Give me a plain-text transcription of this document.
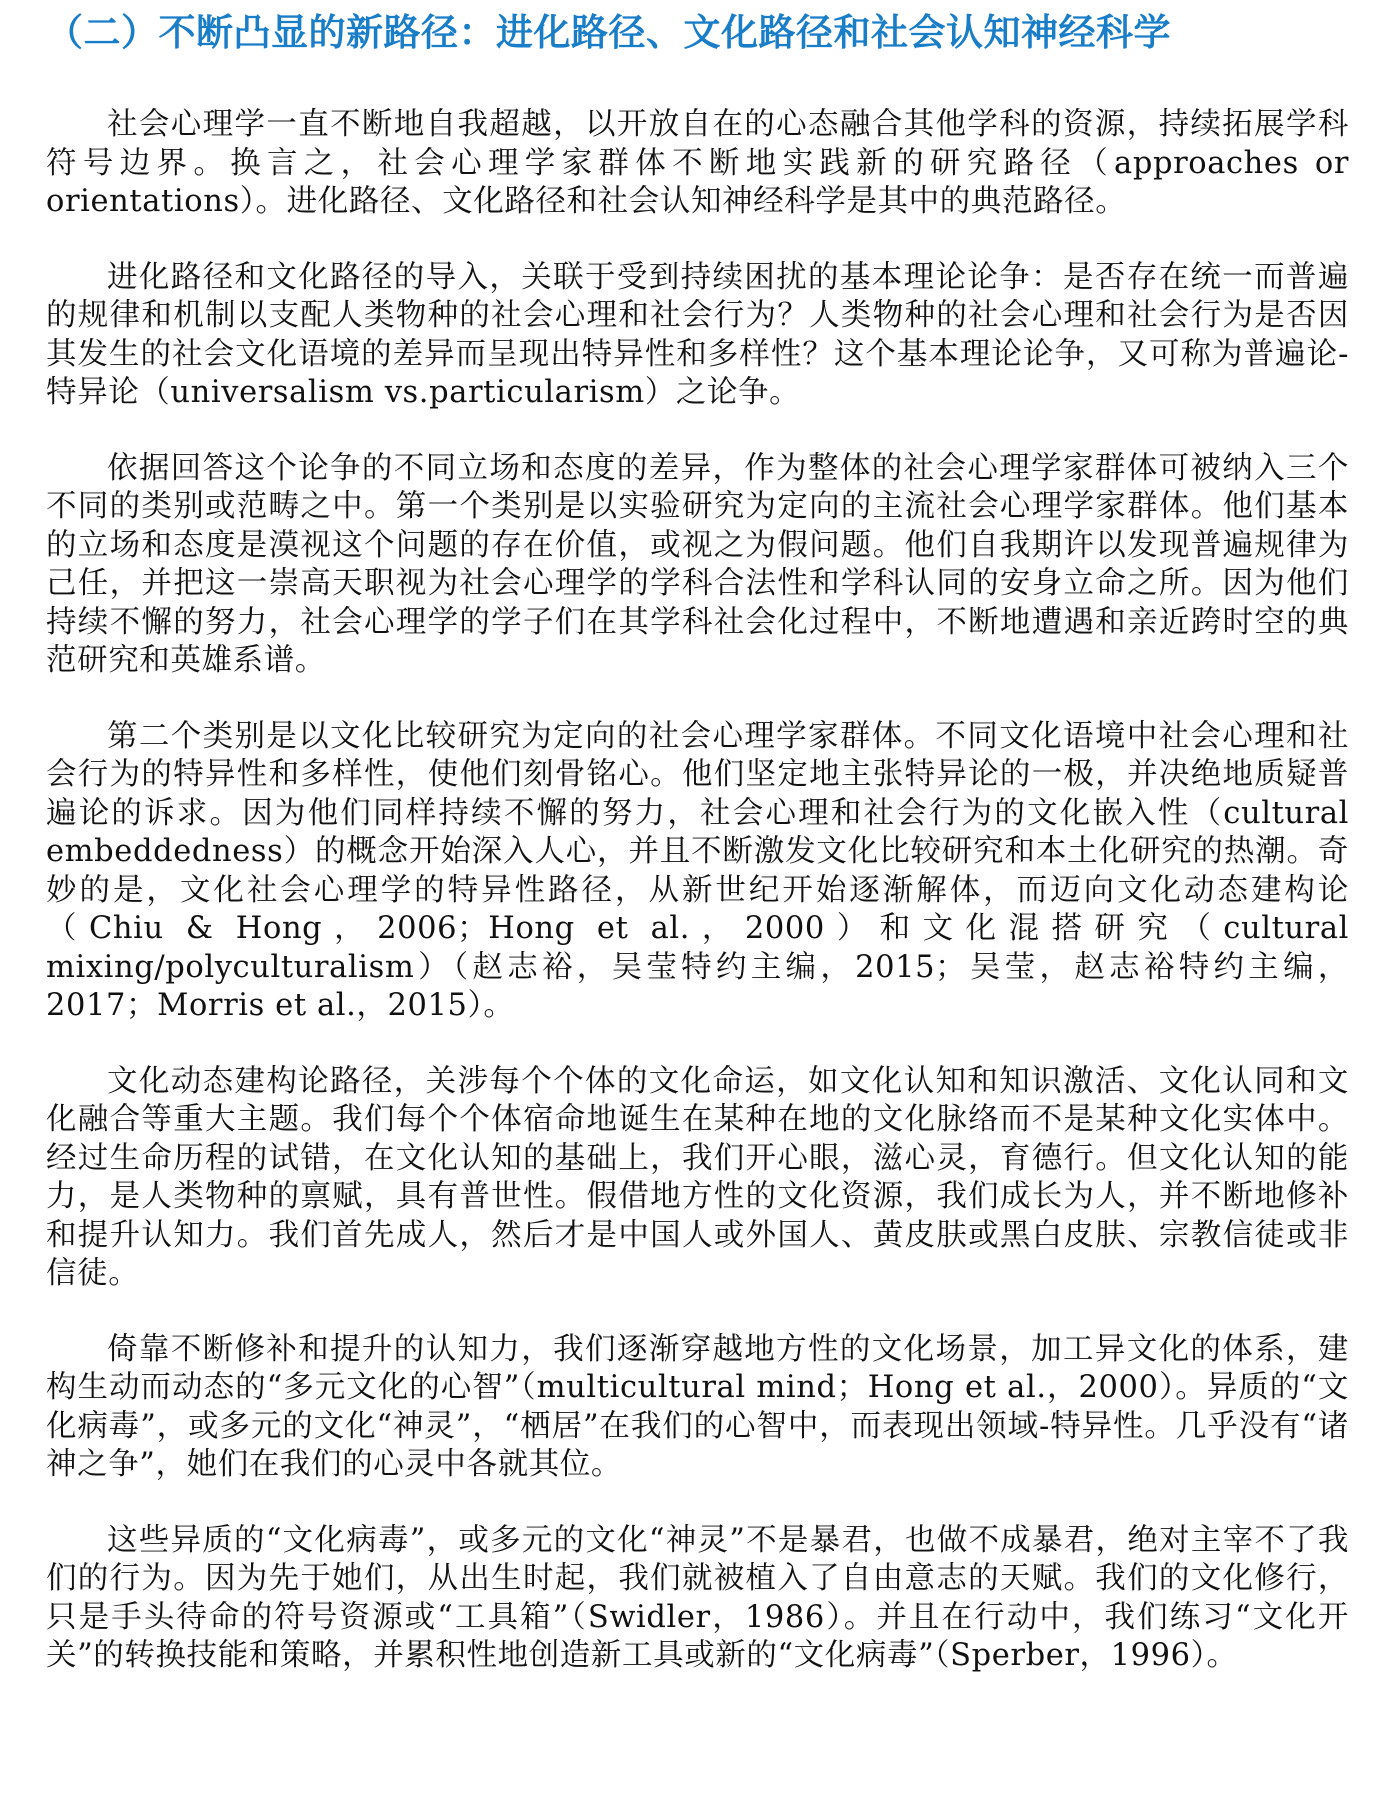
（二）不断凸显的新路径：进化路径、文化路径和社会认知神经科学

社会心理学一直不断地自我超越，以开放自在的心态融合其他学科的资源，持续拓展学科符号边界。换言之，社会心理学家群体不断地实践新的研究路径（approaches or orientations）。进化路径、文化路径和社会认知神经科学是其中的典范路径。

进化路径和文化路径的导入，关联于受到持续困扰的基本理论论争：是否存在统一而普遍的规律和机制以支配人类物种的社会心理和社会行为？人类物种的社会心理和社会行为是否因其发生的社会文化语境的差异而呈现出特异性和多样性？这个基本理论论争，又可称为普遍论-特异论（universalism vs.particularism）之论争。

依据回答这个论争的不同立场和态度的差异，作为整体的社会心理学家群体可被纳入三个不同的类别或范畴之中。第一个类别是以实验研究为定向的主流社会心理学家群体。他们基本的立场和态度是漠视这个问题的存在价值，或视之为假问题。他们自我期许以发现普遍规律为己任，并把这一崇高天职视为社会心理学的学科合法性和学科认同的安身立命之所。因为他们持续不懈的努力，社会心理学的学子们在其学科社会化过程中，不断地遭遇和亲近跨时空的典范研究和英雄系谱。

第二个类别是以文化比较研究为定向的社会心理学家群体。不同文化语境中社会心理和社会行为的特异性和多样性，使他们刻骨铭心。他们坚定地主张特异论的一极，并决绝地质疑普遍论的诉求。因为他们同样持续不懈的努力，社会心理和社会行为的文化嵌入性（cultural embeddedness）的概念开始深入人心，并且不断激发文化比较研究和本土化研究的热潮。奇妙的是，文化社会心理学的特异性路径，从新世纪开始逐渐解体，而迈向文化动态建构论（Chiu & Hong，2006；Hong et al.，2000）和文化混搭研究（cultural mixing/polyculturalism）（赵志裕，吴莹特约主编，2015；吴莹，赵志裕特约主编，2017；Morris et al.，2015）。

文化动态建构论路径，关涉每个个体的文化命运，如文化认知和知识激活、文化认同和文化融合等重大主题。我们每个个体宿命地诞生在某种在地的文化脉络而不是某种文化实体中。经过生命历程的试错，在文化认知的基础上，我们开心眼，滋心灵，育德行。但文化认知的能力，是人类物种的禀赋，具有普世性。假借地方性的文化资源，我们成长为人，并不断地修补和提升认知力。我们首先成人，然后才是中国人或外国人、黄皮肤或黑白皮肤、宗教信徒或非信徒。

倚靠不断修补和提升的认知力，我们逐渐穿越地方性的文化场景，加工异文化的体系，建构生动而动态的“多元文化的心智”（multicultural mind；Hong et al.，2000）。异质的“文化病毒”，或多元的文化“神灵”，“栖居”在我们的心智中，而表现出领域-特异性。几乎没有“诸神之争”，她们在我们的心灵中各就其位。

这些异质的“文化病毒”，或多元的文化“神灵”不是暴君，也做不成暴君，绝对主宰不了我们的行为。因为先于她们，从出生时起，我们就被植入了自由意志的天赋。我们的文化修行，只是手头待命的符号资源或“工具箱”（Swidler，1986）。并且在行动中，我们练习“文化开关”的转换技能和策略，并累积性地创造新工具或新的“文化病毒”（Sperber，1996）。
